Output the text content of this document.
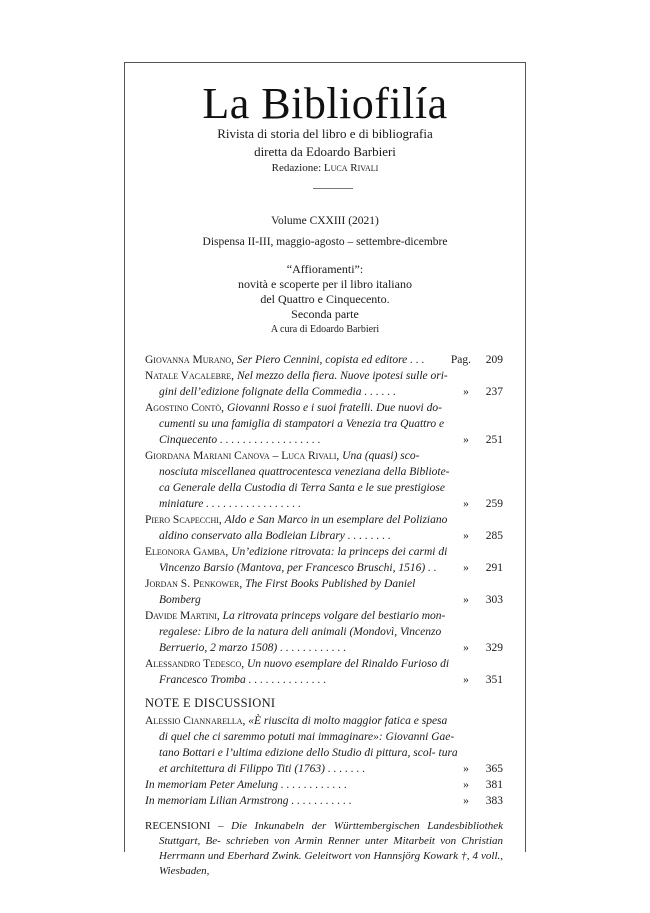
La Bibliofilía
Rivista di storia del libro e di bibliografia
diretta da Edoardo Barbieri
Redazione: Luca Rivali
Volume CXXIII (2021)
Dispensa II-III, maggio-agosto – settembre-dicembre
“Affioramenti”:
novità e scoperte per il libro italiano
del Quattro e Cinquecento.
Seconda parte
A cura di Edoardo Barbieri
Giovanna Murano, Ser Piero Cennini, copista ed editore . . .	Pag.	209
Natale Vacalebre, Nel mezzo della fiera. Nuove ipotesi sulle ori- gini dell’edizione folignate della Commedia . . . . . .	»	237
Agostino Contò, Giovanni Rosso e i suoi fratelli. Due nuovi do- cumenti su una famiglia di stampatori a Venezia tra Quattro e Cinquecento . . . . . . . . . . . . . . . . . .	»	251
Giordana Mariani Canova – Luca Rivali, Una (quasi) sco- nosciuta miscellanea quattrocentesca veneziana della Bibliote- ca Generale della Custodia di Terra Santa e le sue prestigiose miniature . . . . . . . . . . . . . . . . .	»	259
Piero Scapecchi, Aldo e San Marco in un esemplare del Poliziano aldino conservato alla Bodleian Library . . . . . . . .	»	285
Eleonora Gamba, Un’edizione ritrovata: la princeps dei carmi di Vincenzo Barsio (Mantova, per Francesco Bruschi, 1516) . .	»	291
Jordan S. Penkower, The First Books Published by Daniel Bomberg	»	303
Davide Martini, La ritrovata princeps volgare del bestiario mon- regalese: Libro de la natura deli animali (Mondovì, Vincenzo Berruerio, 2 marzo 1508) . . . . . . . . . . . .	»	329
Alessandro Tedesco, Un nuovo esemplare del Rinaldo Furioso di Francesco Tromba . . . . . . . . . . . . . .	»	351
NOTE E DISCUSSIONI
Alessio Ciannarella, «È riuscita di molto maggior fatica e spesa di quel che ci saremmo potuti mai immaginare»: Giovanni Gae- tano Bottari e l’ultima edizione dello Studio di pittura, scol- tura et architettura di Filippo Titi (1763) . . . . . . .	»	365
In memoriam Peter Amelung . . . . . . . . . . . .	»	381
In memoriam Lilian Armstrong . . . . . . . . . . .	»	383
RECENSIONI – Die Inkunabeln der Württembergischen Landesbibliothek Stuttgart, Be- schrieben von Armin Renner unter Mitarbeit von Christian Herrmann und Eberhard Zwink. Geleitwort von Hannsjörg Kowark †, 4 voll., Wiesbaden,
